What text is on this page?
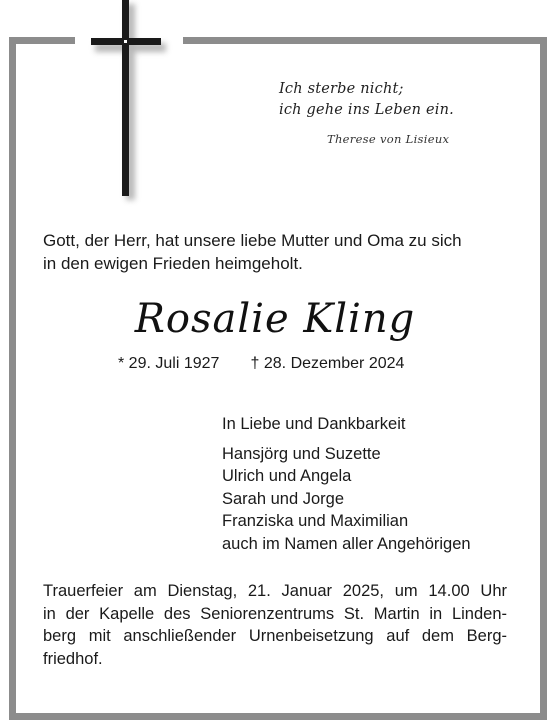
Ich sterbe nicht;
ich gehe ins Leben ein.
Therese von Lisieux
Gott, der Herr, hat unsere liebe Mutter und Oma zu sich
in den ewigen Frieden heimgeholt.
Rosalie Kling
* 29. Juli 1927 † 28. Dezember 2024
In Liebe und Dankbarkeit
Hansjörg und Suzette
Ulrich und Angela
Sarah und Jorge
Franziska und Maximilian
auch im Namen aller Angehörigen
Trauerfeier am Dienstag, 21. Januar 2025, um 14.00 Uhr
in der Kapelle des Seniorenzentrums St. Martin in Linden-
berg mit anschließender Urnenbeisetzung auf dem Berg-
friedhof.
